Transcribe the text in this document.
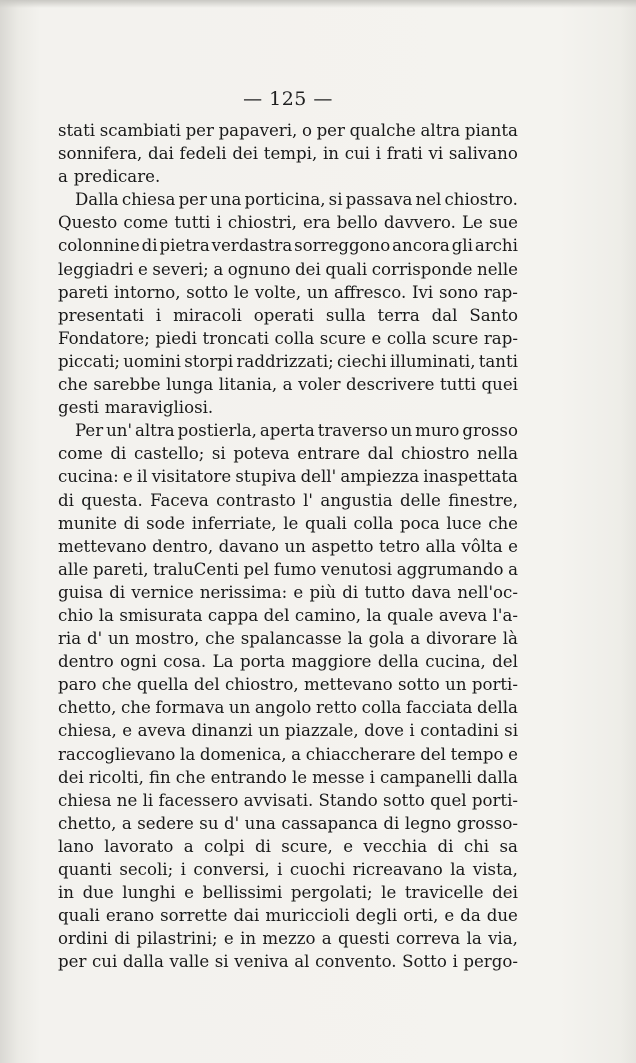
— 125 —
stati scambiati per papaveri, o per qualche altra pianta
sonnifera, dai fedeli dei tempi, in cui i frati vi salivano
a predicare.
Dalla chiesa per una porticina, si passava nel chiostro.
Questo come tutti i chiostri, era bello davvero. Le sue
colonnine di pietra verdastra sorreggono ancora gli archi
leggiadri e severi; a ognuno dei quali corrisponde nelle
pareti intorno, sotto le volte, un affresco. Ivi sono rap-
presentati i miracoli operati sulla terra dal Santo
Fondatore; piedi troncati colla scure e colla scure rap-
piccati; uomini storpi raddrizzati; ciechi illuminati, tanti
che sarebbe lunga litania, a voler descrivere tutti quei
gesti maravigliosi.
Per un' altra postierla, aperta traverso un muro grosso
come di castello; si poteva entrare dal chiostro nella
cucina: e il visitatore stupiva dell' ampiezza inaspettata
di questa. Faceva contrasto l' angustia delle finestre,
munite di sode inferriate, le quali colla poca luce che
mettevano dentro, davano un aspetto tetro alla vôlta e
alle pareti, traluCenti pel fumo venutosi aggrumando a
guisa di vernice nerissima: e più di tutto dava nell'oc-
chio la smisurata cappa del camino, la quale aveva l'a-
ria d' un mostro, che spalancasse la gola a divorare là
dentro ogni cosa. La porta maggiore della cucina, del
paro che quella del chiostro, mettevano sotto un porti-
chetto, che formava un angolo retto colla facciata della
chiesa, e aveva dinanzi un piazzale, dove i contadini si
raccoglievano la domenica, a chiaccherare del tempo e
dei ricolti, fin che entrando le messe i campanelli dalla
chiesa ne li facessero avvisati. Stando sotto quel porti-
chetto, a sedere su d' una cassapanca di legno grosso-
lano lavorato a colpi di scure, e vecchia di chi sa
quanti secoli; i conversi, i cuochi ricreavano la vista,
in due lunghi e bellissimi pergolati; le travicelle dei
quali erano sorrette dai muriccioli degli orti, e da due
ordini di pilastrini; e in mezzo a questi correva la via,
per cui dalla valle si veniva al convento. Sotto i pergo-
